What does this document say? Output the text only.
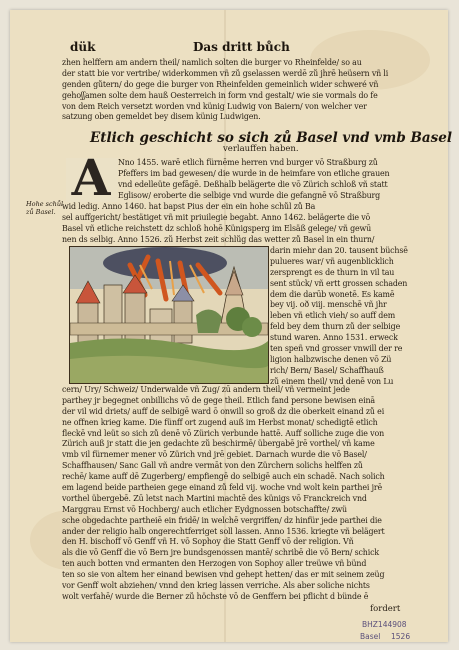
dük	Das dritt bůch
zhen helffern am andern theil/ namlich solten die burger vo Rheinfelde/ so au
der statt bie vor vertribe/ widerkommen vñ zů gselassen werdē zů jhrē heüsern vñ li
genden gůtern/ do gege die burger von Rheinfelden gemeinlich wider schweré vñ
gehoʃʃamen solte dem hauß Oesterreich in form vnd gestalt/ wie sie vormals do fe
von dem Reich versetzt worden vnd künig Ludwig von Baiern/ von welcher ver
satzung oben gemeldet bey disem künig Ludwigen.
Etlich geschicht so sich zů Basel vnd vmb Basel
verlauffen haben.
A
Hohe schůl
zů Basel.
Nno 1455. warē etlich fürnēme herren vnd burger vō Straßburg zů
Pfeffers im bad gewesen/ die wurde in de heimfare von etliche grauen
vnd edelleüte gefāgē. Deßhalb belägerte die vō Zürich schloß vñ statt
Eglisow/ eroberte die selbige vnd wurde die gefangnē vō Straßburg
wid ledig. Anno 1460. hat bapst Pius der ein ein hohe schůl zů Ba
sel auffgericht/ bestätiget vñ mit priuilegie begabt. Anno 1462. belägerte die vō
Basel vñ etliche reichstett dz schloß hohē Künigsperg im Elsäß gelege/ vñ gewū
nen ds selbig. Anno 1526. zů Herbst zeit schlůg das wetter zů Basel in ein thurn/
darin miehr dan 20. tausent büchsē
pulueres war/ vñ augenblicklich
zersprengt es de thurn in vil tau
sent stück/ vñ ertt grossen schaden
dem die darūb wonetē. Es kamē
bey vij. oð viij. menschē vñ jhr
leben vñ etlich vieh/ so auff dem
feld bey dem thurn zů der selbige
stund waren. Anno 1531. erweck
ten speñ vnd grosser vnwill der re
ligion halbzwische denen vō Zü
rich/ Bern/ Basel/ Schaffhauß
zů einem theil/ vnd denē von Lu
cern/ Ury/ Schweiz/ Underwalde vñ Zug/ zū andern theil/ vñ vermeint jede
parthey jr begegnet onbillichs vō de gege theil. Etlich fand persone bewisen einā
der vil wid driets/ auff de selbigē ward ō onwill so groß dz die oberkeit einand zů ei
ne offnen krieg kame. Die fünff ort zugend auß im Herbst monat/ schedigtē etlich
fleckē vnd leüt so sich zů denē vō Zürich verbunde hattē. Auff solliche zuge die von
Zürich auß jr statt die jen gedachte zů beschirmē/ übergabē jrē vorthel/ vñ kame
vmb vil fürnemer mener vō Zürich vnd jrē gebiet. Darnach wurde die vō Basel/
Schaffhausen/ Sanc Gall vñ andre vermāt von den Zürchern solichs helffen zů
rechē/ kame auff dē Zugerberg/ empfiengē do selbigē auch ein schadē. Nach solich
em lagend beide partheien gege einand zů feld vij. woche vnd wolt kein parthei jrē
vorthel übergebē. Zū letst nach Martini machtē des künigs vō Franckreich vnd
Marggrau Ernst vō Hochberg/ auch etlicher Eydgnossen botschaffte/ zwü
sche obgedachte partheiē ein fridē/ in welchē vergriffen/ dz hinfür jede parthei die
ander der religio halb ongerechtferriget soll lassen. Anno 1536. kriegte vñ belägert
den H. bischoff vō Genff vñ H. vō Sophoy die Statt Genff vō der religion. Vñ
als die vō Genff die vō Bern jre bundsgenossen mantē/ schribē die vō Bern/ schick
ten auch botten vnd ermanten den Herzogen von Sophoy aller treüwe vñ bünd
ten so sie von altem her einand bewisen vnd gehept hetten/ das er mit seinem zeüg
vor Genff wolt abziehen/ vnnd den krieg lassen verriche. Als aber soliche nichts
wolt verfahē/ wurde die Berner zů höchste vō de Genffern bei pflicht d̄ bünde ē
fordert
BHZ144908
Basel 1526
